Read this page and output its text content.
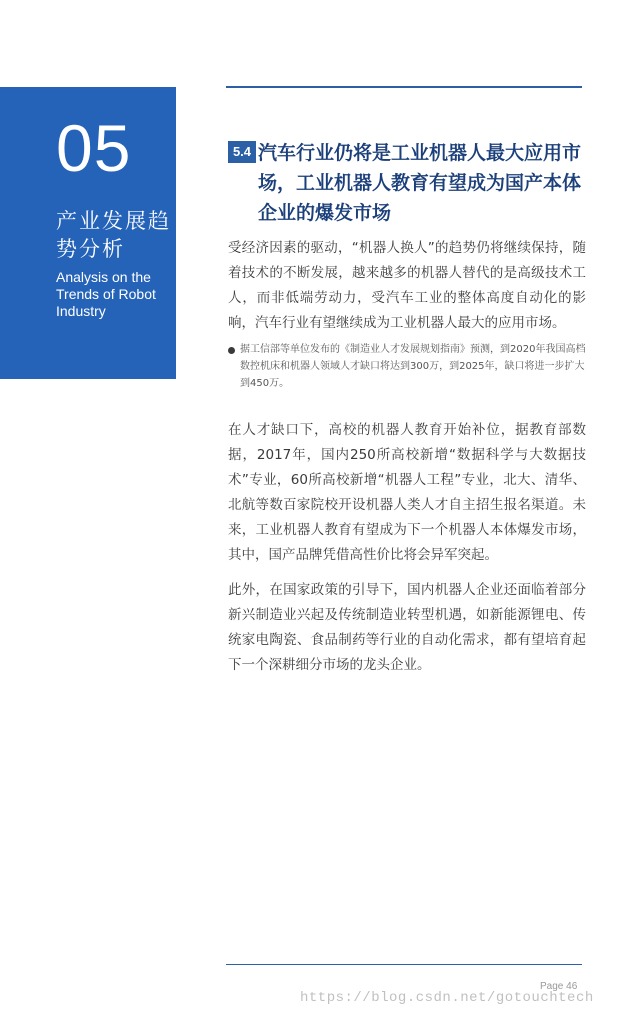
05
产业发展趋势分析
Analysis on the Trends of Robot Industry
5.4 汽车行业仍将是工业机器人最大应用市场，工业机器人教育有望成为国产本体企业的爆发市场

受经济因素的驱动，“机器人换人”的趋势仍将继续保持，随着技术的不断发展，越来越多的机器人替代的是高级技术工人，而非低端劳动力，受汽车工业的整体高度自动化的影响，汽车行业有望继续成为工业机器人最大的应用市场。

据工信部等单位发布的《制造业人才发展规划指南》预测，到2020年我国高档数控机床和机器人领域人才缺口将达到300万，到2025年，缺口将进一步扩大到450万。

在人才缺口下，高校的机器人教育开始补位，据教育部数据，2017年，国内250所高校新增“数据科学与大数据技术”专业，60所高校新增“机器人工程”专业，北大、清华、北航等数百家院校开设机器人类人才自主招生报名渠道。未来，工业机器人教育有望成为下一个机器人本体爆发市场，其中，国产品牌凭借高性价比将会异军突起。

此外，在国家政策的引导下，国内机器人企业还面临着部分新兴制造业兴起及传统制造业转型机遇，如新能源锂电、传统家电陶瓷、食品制药等行业的自动化需求，都有望培育起下一个深耕细分市场的龙头企业。

Page 46
https://blog.csdn.net/gotouchtech
